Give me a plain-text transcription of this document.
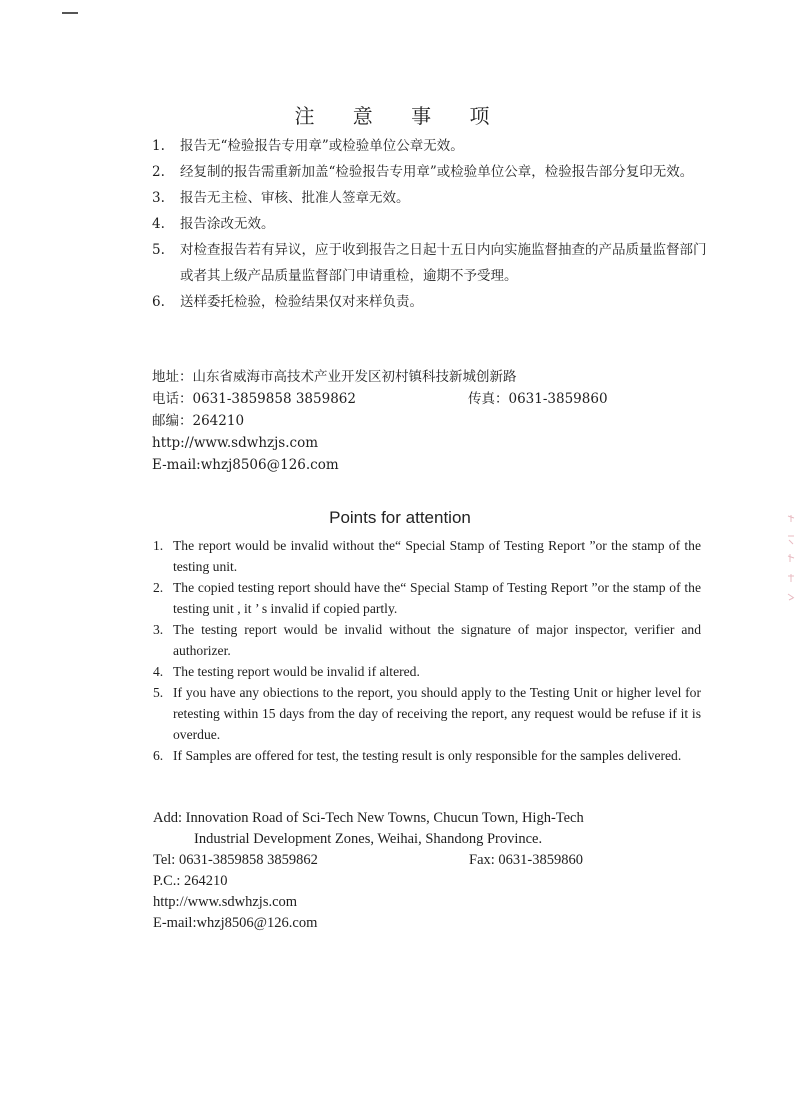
注 意 事 项
1. 报告无“检验报告专用章”或检验单位公章无效。
2. 经复制的报告需重新加盖“检验报告专用章”或检验单位公章，检验报告部分复印无效。
3. 报告无主检、审核、批准人签章无效。
4. 报告涂改无效。
5. 对检查报告若有异议，应于收到报告之日起十五日内向实施监督抽查的产品质量监督部门或者其上级产品质量监督部门申请重检，逾期不予受理。
6. 送样委托检验，检验结果仅对来样负责。
地址：山东省威海市高技术产业开发区初村镇科技新城创新路
电话：0631-3859858 3859862	传真：0631-3859860
邮编：264210
http://www.sdwhzjs.com
E-mail:whzj8506@126.com
Points for attention
1. The report would be invalid without the“ Special Stamp of Testing Report ”or the stamp of the testing unit.
2. The copied testing report should have the“ Special Stamp of Testing Report ”or the stamp of the testing unit , it ’ s invalid if copied partly.
3. The testing report would be invalid without the signature of major inspector, verifier and authorizer.
4. The testing report would be invalid if altered.
5. If you have any obiections to the report, you should apply to the Testing Unit or higher level for retesting within 15 days from the day of receiving the report, any request would be refuse if it is overdue.
6. If Samples are offered for test, the testing result is only responsible for the samples delivered.
Add: Innovation Road of Sci-Tech New Towns, Chucun Town, High-Tech
Industrial Development Zones, Weihai, Shandong Province.
Tel: 0631-3859858 3859862	Fax: 0631-3859860
P.C.: 264210
http://www.sdwhzjs.com
E-mail:whzj8506@126.com
